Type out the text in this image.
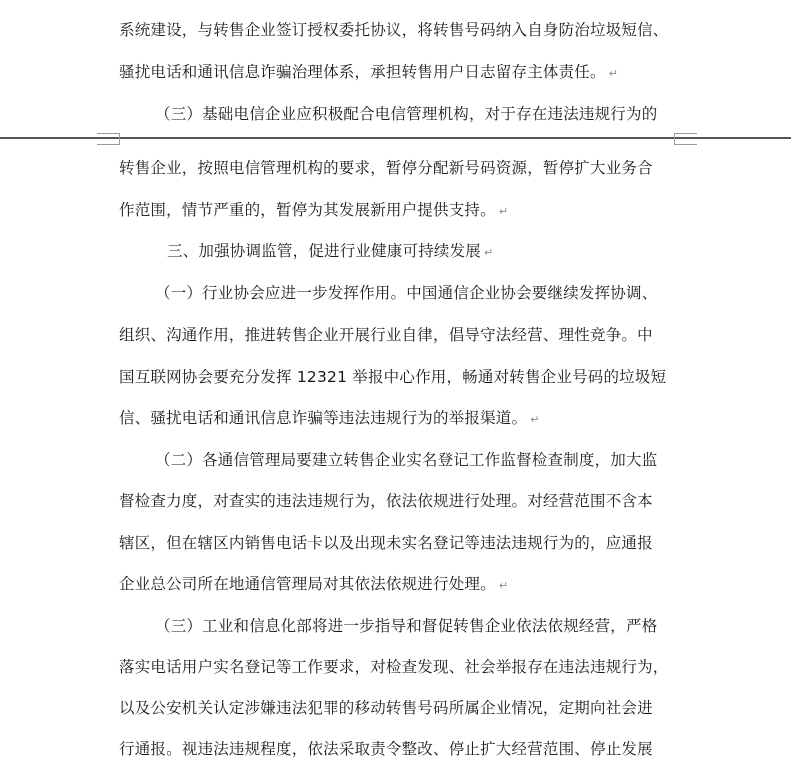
系统建设，与转售企业签订授权委托协议，将转售号码纳入自身防治垃圾短信、
骚扰电话和通讯信息诈骗治理体系，承担转售用户日志留存主体责任。 ↵
（三）基础电信企业应积极配合电信管理机构，对于存在违法违规行为的
转售企业，按照电信管理机构的要求，暂停分配新号码资源，暂停扩大业务合
作范围，情节严重的，暂停为其发展新用户提供支持。 ↵
三、加强协调监管，促进行业健康可持续发展 ↵
（一）行业协会应进一步发挥作用。中国通信企业协会要继续发挥协调、
组织、沟通作用，推进转售企业开展行业自律，倡导守法经营、理性竞争。中
国互联网协会要充分发挥 12321 举报中心作用，畅通对转售企业号码的垃圾短
信、骚扰电话和通讯信息诈骗等违法违规行为的举报渠道。 ↵
（二）各通信管理局要建立转售企业实名登记工作监督检查制度，加大监
督检查力度，对查实的违法违规行为，依法依规进行处理。对经营范围不含本
辖区，但在辖区内销售电话卡以及出现未实名登记等违法违规行为的，应通报
企业总公司所在地通信管理局对其依法依规进行处理。 ↵
（三）工业和信息化部将进一步指导和督促转售企业依法依规经营，严格
落实电话用户实名登记等工作要求，对检查发现、社会举报存在违法违规行为，
以及公安机关认定涉嫌违法犯罪的移动转售号码所属企业情况，定期向社会进
行通报。视违法违规程度，依法采取责令整改、停止扩大经营范围、停止发展
